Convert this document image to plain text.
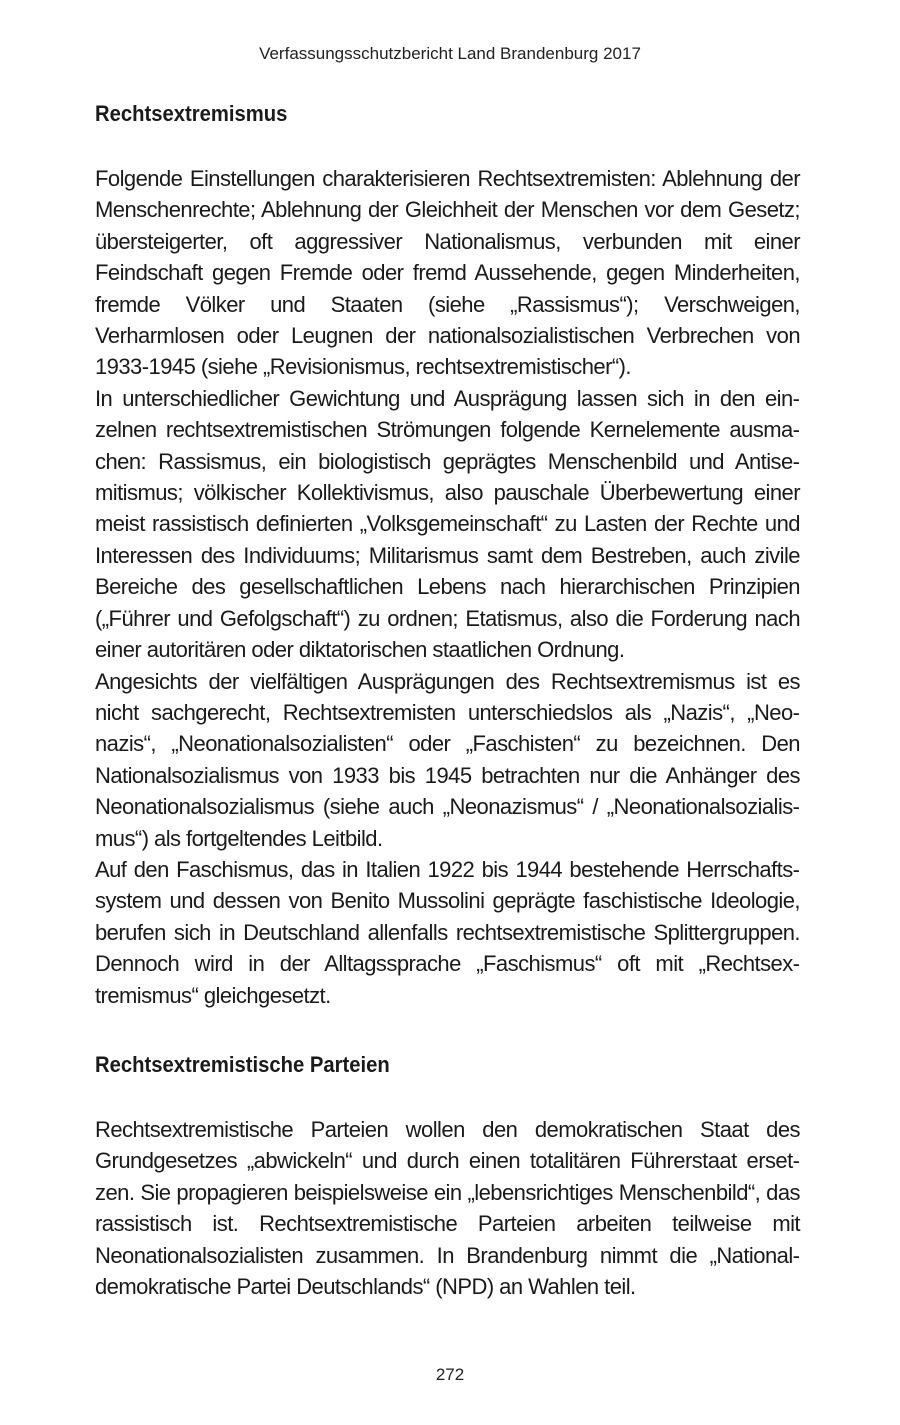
Verfassungsschutzbericht Land Brandenburg 2017
Rechtsextremismus

Folgende Einstellungen charakterisieren Rechtsextremisten: Ablehnung der Menschenrechte; Ablehnung der Gleichheit der Menschen vor dem Gesetz; übersteigerter, oft aggressiver Nationalismus, verbunden mit einer Feindschaft gegen Fremde oder fremd Aussehende, gegen Minderheiten, fremde Völker und Staaten (siehe „Rassismus“); Verschweigen, Verharmlosen oder Leugnen der nationalsozialistischen Verbrechen von 1933-1945 (siehe „Revisionismus, rechtsextremistischer“).

In unterschiedlicher Gewichtung und Ausprägung lassen sich in den einzelnen rechtsextremistischen Strömungen folgende Kernelemente ausmachen: Rassismus, ein biologistisch geprägtes Menschenbild und Antisemitismus; völkischer Kollektivismus, also pauschale Überbewertung einer meist rassistisch definierten „Volksgemeinschaft“ zu Lasten der Rechte und Interessen des Individuums; Militarismus samt dem Bestreben, auch zivile Bereiche des gesellschaftlichen Lebens nach hierarchischen Prinzipien („Führer und Gefolgschaft“) zu ordnen; Etatismus, also die Forderung nach einer autoritären oder diktatorischen staatlichen Ordnung.

Angesichts der vielfältigen Ausprägungen des Rechtsextremismus ist es nicht sachgerecht, Rechtsextremisten unterschiedslos als „Nazis“, „Neonazis“, „Neonationalsozialisten“ oder „Faschisten“ zu bezeichnen. Den Nationalsozialismus von 1933 bis 1945 betrachten nur die Anhänger des Neonationalsozialismus (siehe auch „Neonazismus“ / „Neonationalsozialismus“) als fortgeltendes Leitbild.

Auf den Faschismus, das in Italien 1922 bis 1944 bestehende Herrschaftssystem und dessen von Benito Mussolini geprägte faschistische Ideologie, berufen sich in Deutschland allenfalls rechtsextremistische Splittergruppen. Dennoch wird in der Alltagssprache „Faschismus“ oft mit „Rechtsextremismus“ gleichgesetzt.

Rechtsextremistische Parteien

Rechtsextremistische Parteien wollen den demokratischen Staat des Grundgesetzes „abwickeln“ und durch einen totalitären Führerstaat ersetzen. Sie propagieren beispielsweise ein „lebensrichtiges Menschenbild“, das rassistisch ist. Rechtsextremistische Parteien arbeiten teilweise mit Neonationalsozialisten zusammen. In Brandenburg nimmt die „Nationaldemokratische Partei Deutschlands“ (NPD) an Wahlen teil.

272
